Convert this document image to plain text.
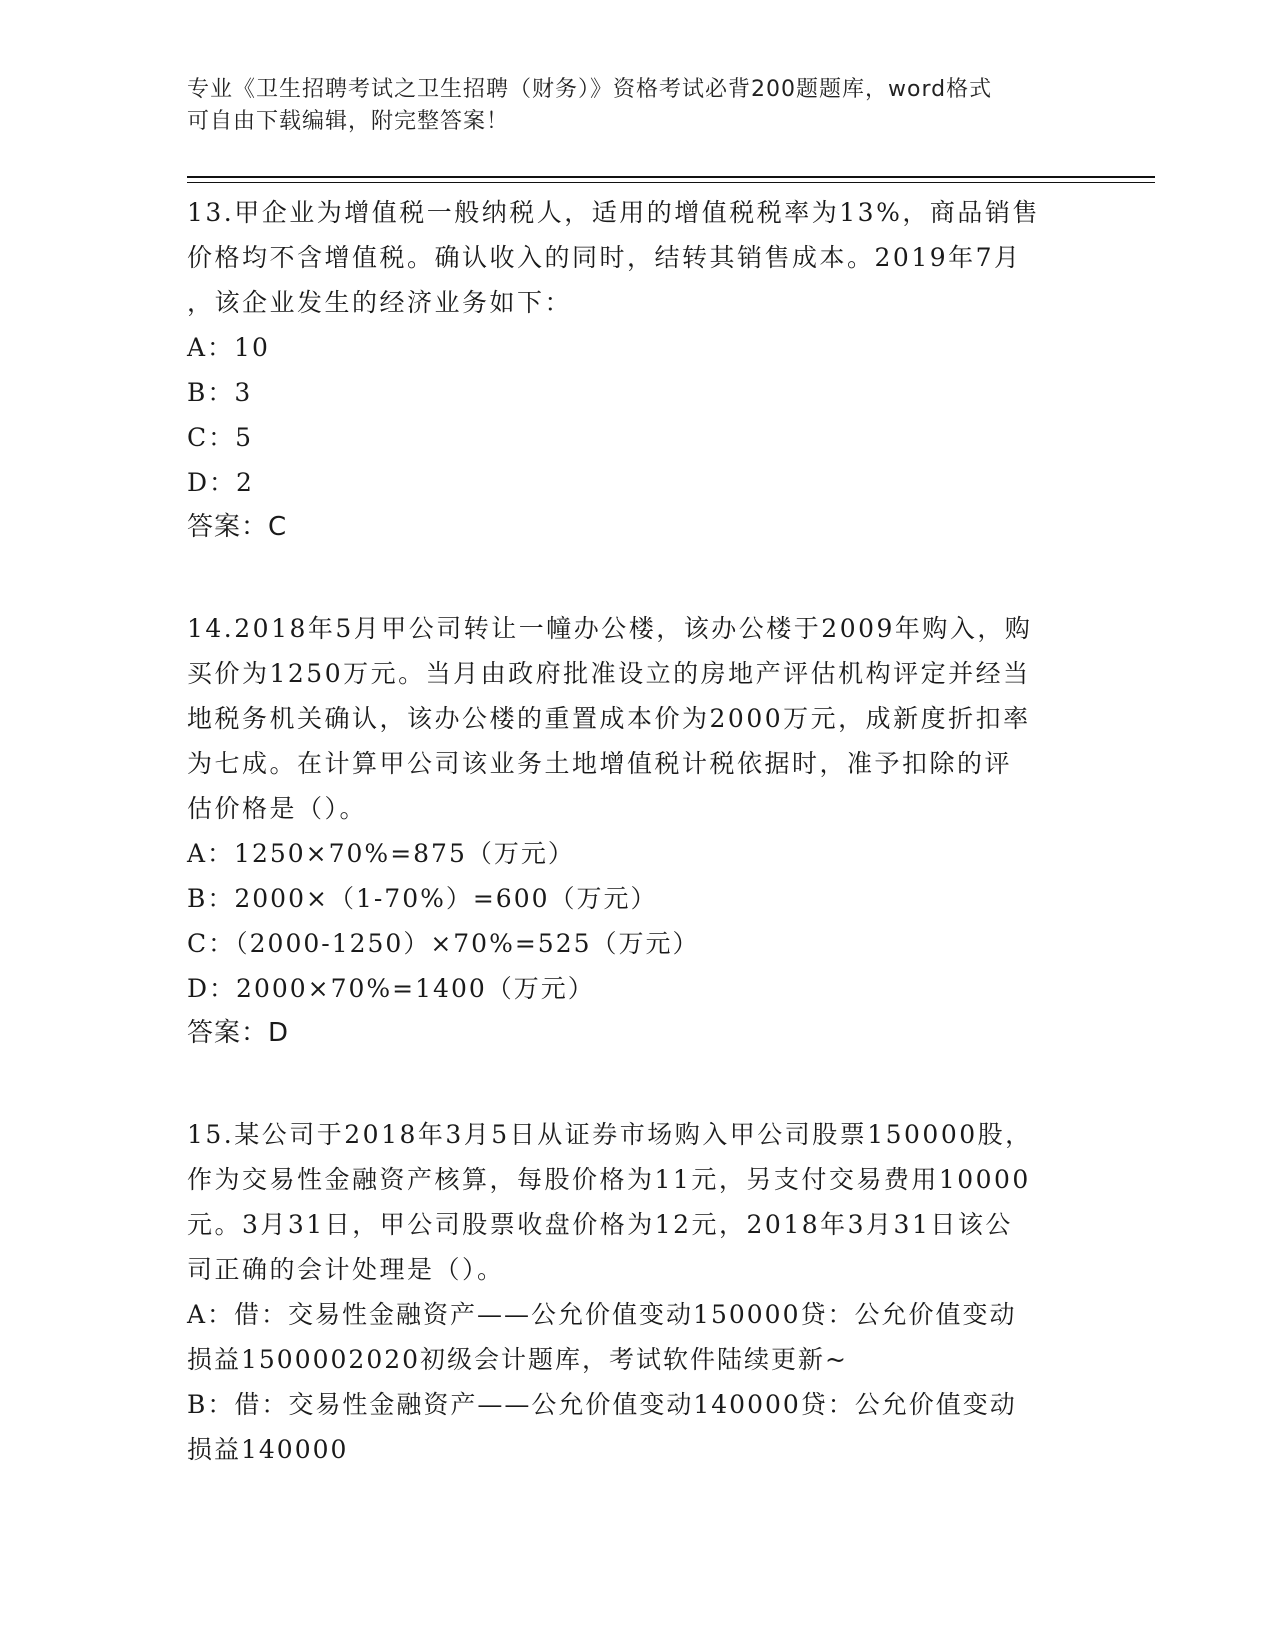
专业《卫生招聘考试之卫生招聘（财务）》资格考试必背200题题库，word格式
可自由下载编辑，附完整答案！

13.甲企业为增值税一般纳税人，适用的增值税税率为13%，商品销售

价格均不含增值税。确认收入的同时，结转其销售成本。2019年7月

，该企业发生的经济业务如下：

A：10

B：3

C：5

D：2

答案：C

14.2018年5月甲公司转让一幢办公楼，该办公楼于2009年购入，购

买价为1250万元。当月由政府批准设立的房地产评估机构评定并经当

地税务机关确认，该办公楼的重置成本价为2000万元，成新度折扣率

为七成。在计算甲公司该业务土地增值税计税依据时，准予扣除的评

估价格是（）。

A：1250×70%=875（万元）

B：2000×（1-70%）=600（万元）

C：（2000-1250）×70%=525（万元）

D：2000×70%=1400（万元）

答案：D

15.某公司于2018年3月5日从证券市场购入甲公司股票150000股，

作为交易性金融资产核算，每股价格为11元，另支付交易费用10000

元。3月31日，甲公司股票收盘价格为12元，2018年3月31日该公

司正确的会计处理是（）。

A：借：交易性金融资产——公允价值变动150000贷：公允价值变动

损益1500002020初级会计题库，考试软件陆续更新~

B：借：交易性金融资产——公允价值变动140000贷：公允价值变动

损益140000
